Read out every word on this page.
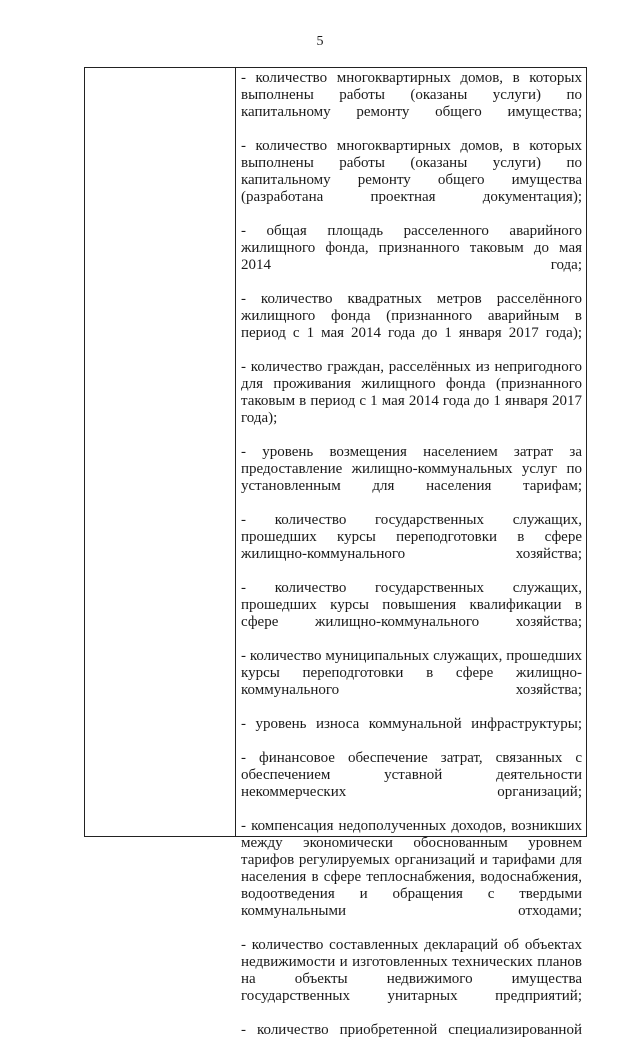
5

- количество многоквартирных домов, в которых выполнены работы (оказаны услуги) по капитальному ремонту общего имущества;

- количество многоквартирных домов, в которых выполнены работы (оказаны услуги) по капитальному ремонту общего имущества (разработана проектная документация);

- общая площадь расселенного аварийного жилищного фонда, признанного таковым до мая 2014 года;

- количество квадратных метров расселённого жилищного фонда (признанного аварийным в период с 1 мая 2014 года до 1 января 2017 года);

- количество граждан, расселённых из непригодного для проживания жилищного фонда (признанного таковым в период с 1 мая 2014 года до 1 января 2017 года);

- уровень возмещения населением затрат за предоставление жилищно-коммунальных услуг по установленным для населения тарифам;

- количество государственных служащих, прошедших курсы переподготовки в сфере жилищно-коммунального хозяйства;

- количество государственных служащих, прошедших курсы повышения квалификации в сфере жилищно-коммунального хозяйства;

- количество муниципальных служащих, прошедших курсы переподготовки в сфере жилищно-коммунального хозяйства;

- уровень износа коммунальной инфраструктуры;

- финансовое обеспечение затрат, связанных с обеспечением уставной деятельности некоммерческих организаций;

- компенсация недополученных доходов, возникших между экономически обоснованным уровнем тарифов регулируемых организаций и тарифами для населения в сфере теплоснабжения, водоснабжения, водоотведения и обращения с твердыми коммунальными отходами;

- количество составленных деклараций об объектах недвижимости и изготовленных технических планов на объекты недвижимого имущества государственных унитарных предприятий;

- количество приобретенной специализированной
